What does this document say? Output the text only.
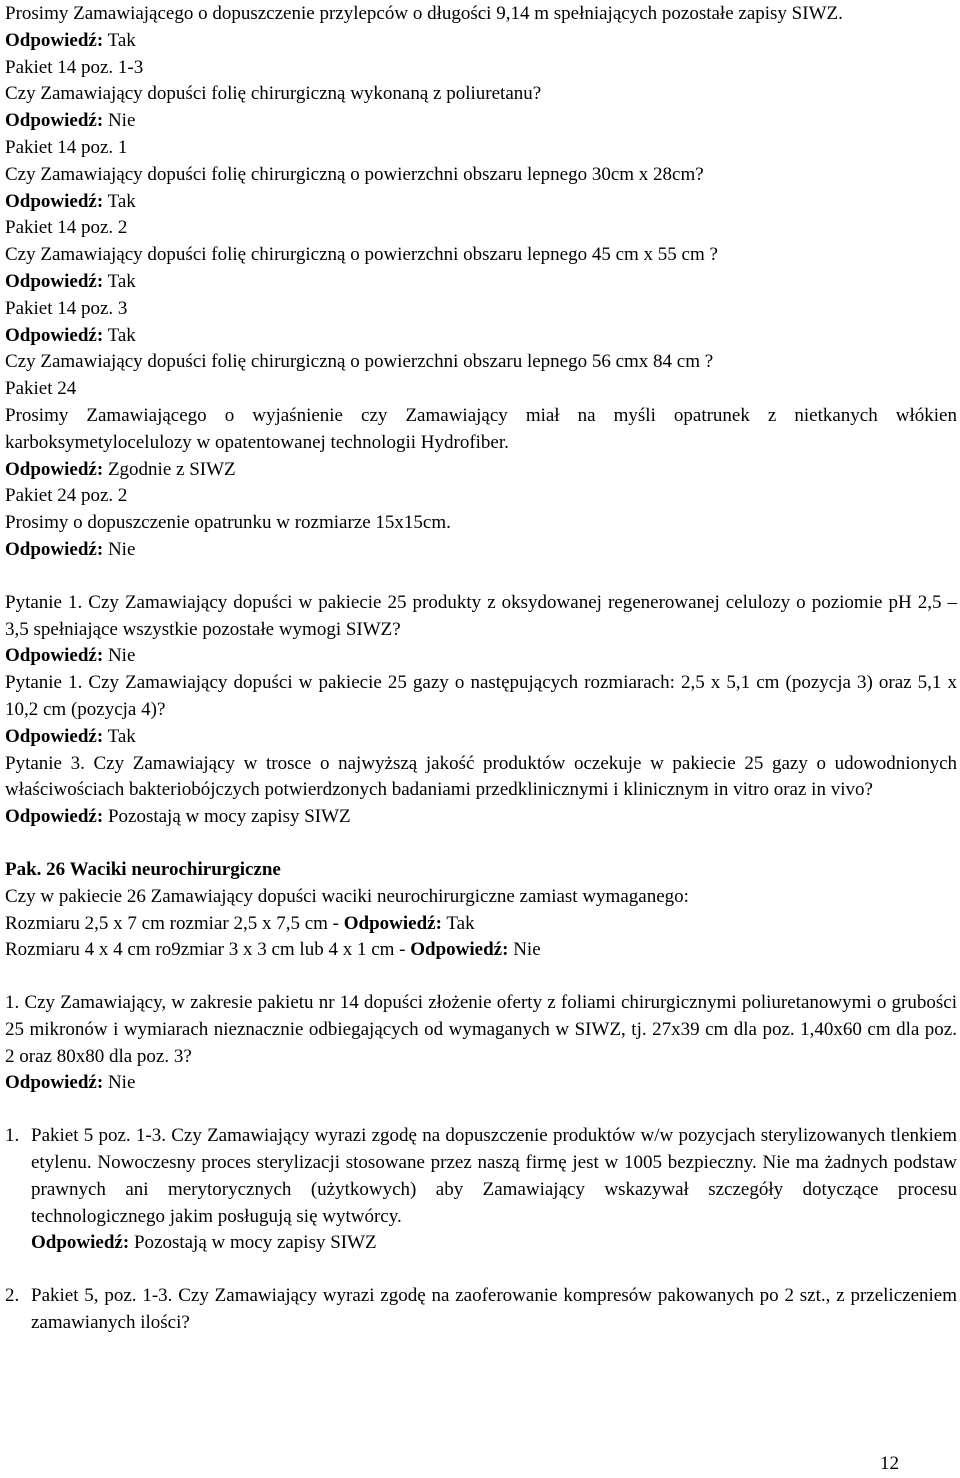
Prosimy Zamawiającego o dopuszczenie przylepców o długości 9,14 m spełniających pozostałe zapisy SIWZ.

Odpowiedź: Tak

Pakiet 14 poz. 1-3

Czy Zamawiający dopuści folię chirurgiczną wykonaną z poliuretanu?

Odpowiedź: Nie

Pakiet 14 poz. 1

Czy Zamawiający dopuści folię chirurgiczną o powierzchni obszaru lepnego 30cm x 28cm?

Odpowiedź: Tak

Pakiet 14 poz. 2

Czy Zamawiający dopuści folię chirurgiczną o powierzchni obszaru lepnego 45 cm x 55 cm ?

Odpowiedź: Tak

Pakiet 14 poz. 3

Odpowiedź: Tak

Czy Zamawiający dopuści folię chirurgiczną o powierzchni obszaru lepnego 56 cmx 84 cm ?

Pakiet 24

Prosimy Zamawiającego o wyjaśnienie czy Zamawiający miał na myśli opatrunek z nietkanych włókien karboksymetylocelulozy w opatentowanej technologii Hydrofiber.

Odpowiedź: Zgodnie z SIWZ

Pakiet 24 poz. 2

Prosimy o dopuszczenie opatrunku w rozmiarze 15x15cm.

Odpowiedź: Nie

Pytanie 1. Czy Zamawiający dopuści w pakiecie 25 produkty z oksydowanej regenerowanej celulozy o poziomie pH 2,5 – 3,5 spełniające wszystkie pozostałe wymogi SIWZ?

Odpowiedź: Nie

Pytanie 1. Czy Zamawiający dopuści w pakiecie 25 gazy o następujących rozmiarach: 2,5 x 5,1 cm (pozycja 3) oraz 5,1 x 10,2 cm (pozycja 4)?

Odpowiedź: Tak

Pytanie 3. Czy Zamawiający w trosce o najwyższą jakość produktów oczekuje w pakiecie 25 gazy o udowodnionych właściwościach bakteriobójczych potwierdzonych badaniami przedklinicznymi i klinicznym in vitro oraz in vivo?

Odpowiedź: Pozostają w mocy zapisy SIWZ

Pak. 26 Waciki neurochirurgiczne

Czy w pakiecie 26 Zamawiający dopuści waciki neurochirurgiczne zamiast wymaganego:

Rozmiaru 2,5 x 7 cm rozmiar 2,5 x 7,5 cm - Odpowiedź: Tak

Rozmiaru 4 x 4 cm ro9zmiar 3 x 3 cm lub 4 x 1 cm - Odpowiedź: Nie

1. Czy Zamawiający, w zakresie pakietu nr 14 dopuści złożenie oferty z foliami chirurgicznymi poliuretanowymi o grubości 25 mikronów i wymiarach nieznacznie odbiegających od wymaganych w SIWZ, tj. 27x39 cm dla poz. 1,40x60 cm dla poz. 2 oraz 80x80 dla poz. 3?

Odpowiedź: Nie

1. Pakiet 5 poz. 1-3. Czy Zamawiający wyrazi zgodę na dopuszczenie produktów w/w pozycjach sterylizowanych tlenkiem etylenu. Nowoczesny proces sterylizacji stosowane przez naszą firmę jest w 1005 bezpieczny. Nie ma żadnych podstaw prawnych ani merytorycznych (użytkowych) aby Zamawiający wskazywał szczegóły dotyczące procesu technologicznego jakim posługują się wytwórcy.

Odpowiedź: Pozostają w mocy zapisy SIWZ

2. Pakiet 5, poz. 1-3. Czy Zamawiający wyrazi zgodę na zaoferowanie kompresów pakowanych po 2 szt., z przeliczeniem zamawianych ilości?

12
